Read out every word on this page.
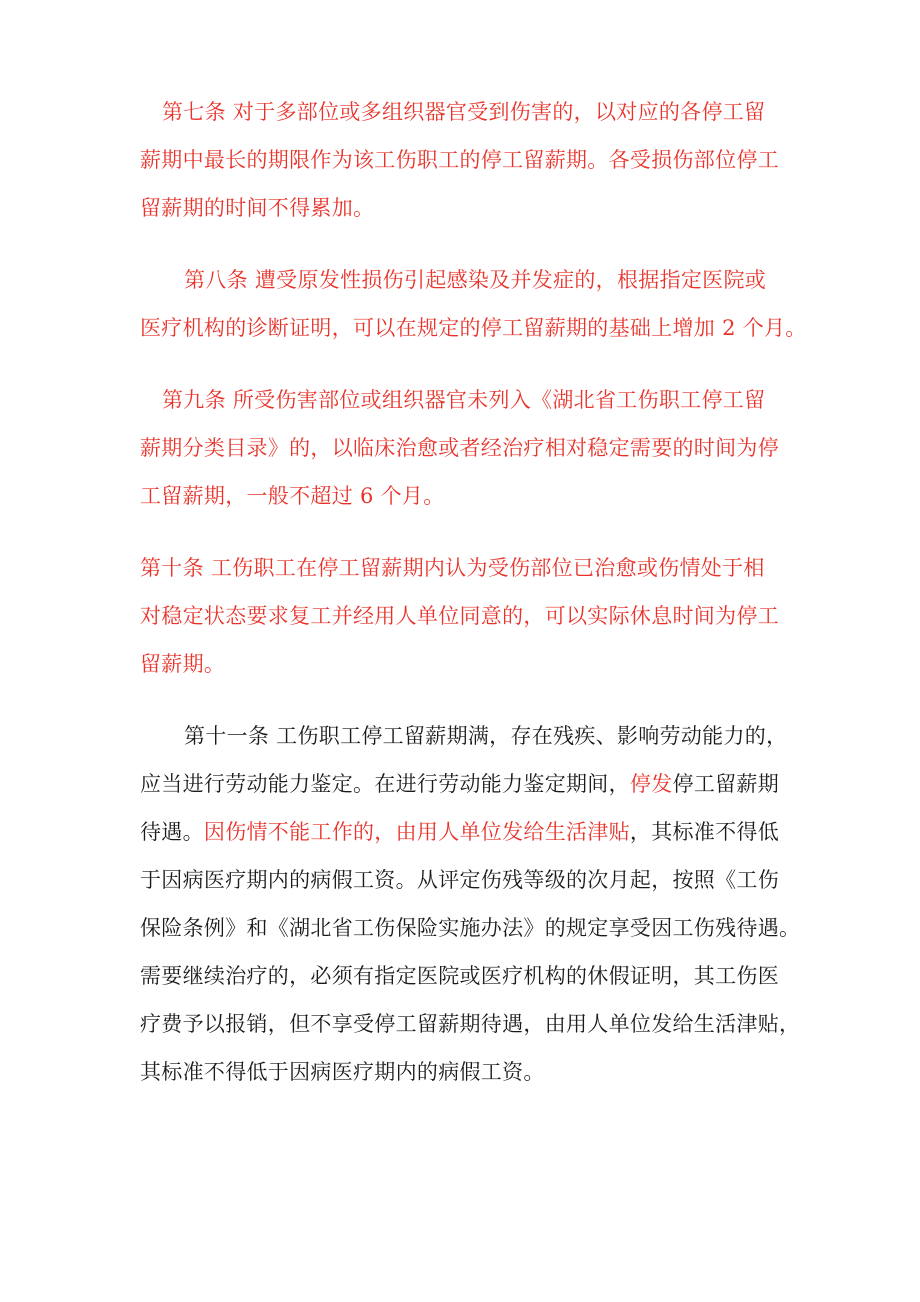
第七条 对于多部位或多组织器官受到伤害的，以对应的各停工留
薪期中最长的期限作为该工伤职工的停工留薪期。各受损伤部位停工
留薪期的时间不得累加。
第八条 遭受原发性损伤引起感染及并发症的，根据指定医院或
医疗机构的诊断证明，可以在规定的停工留薪期的基础上增加 2 个月。
第九条 所受伤害部位或组织器官未列入《湖北省工伤职工停工留
薪期分类目录》的，以临床治愈或者经治疗相对稳定需要的时间为停
工留薪期，一般不超过 6 个月。
第十条 工伤职工在停工留薪期内认为受伤部位已治愈或伤情处于相
对稳定状态要求复工并经用人单位同意的，可以实际休息时间为停工
留薪期。
第十一条 工伤职工停工留薪期满，存在残疾、影响劳动能力的，
应当进行劳动能力鉴定。在进行劳动能力鉴定期间，停发停工留薪期
待遇。因伤情不能工作的，由用人单位发给生活津贴，其标准不得低
于因病医疗期内的病假工资。从评定伤残等级的次月起，按照《工伤
保险条例》和《湖北省工伤保险实施办法》的规定享受因工伤残待遇。
需要继续治疗的，必须有指定医院或医疗机构的休假证明，其工伤医
疗费予以报销，但不享受停工留薪期待遇，由用人单位发给生活津贴，
其标准不得低于因病医疗期内的病假工资。
